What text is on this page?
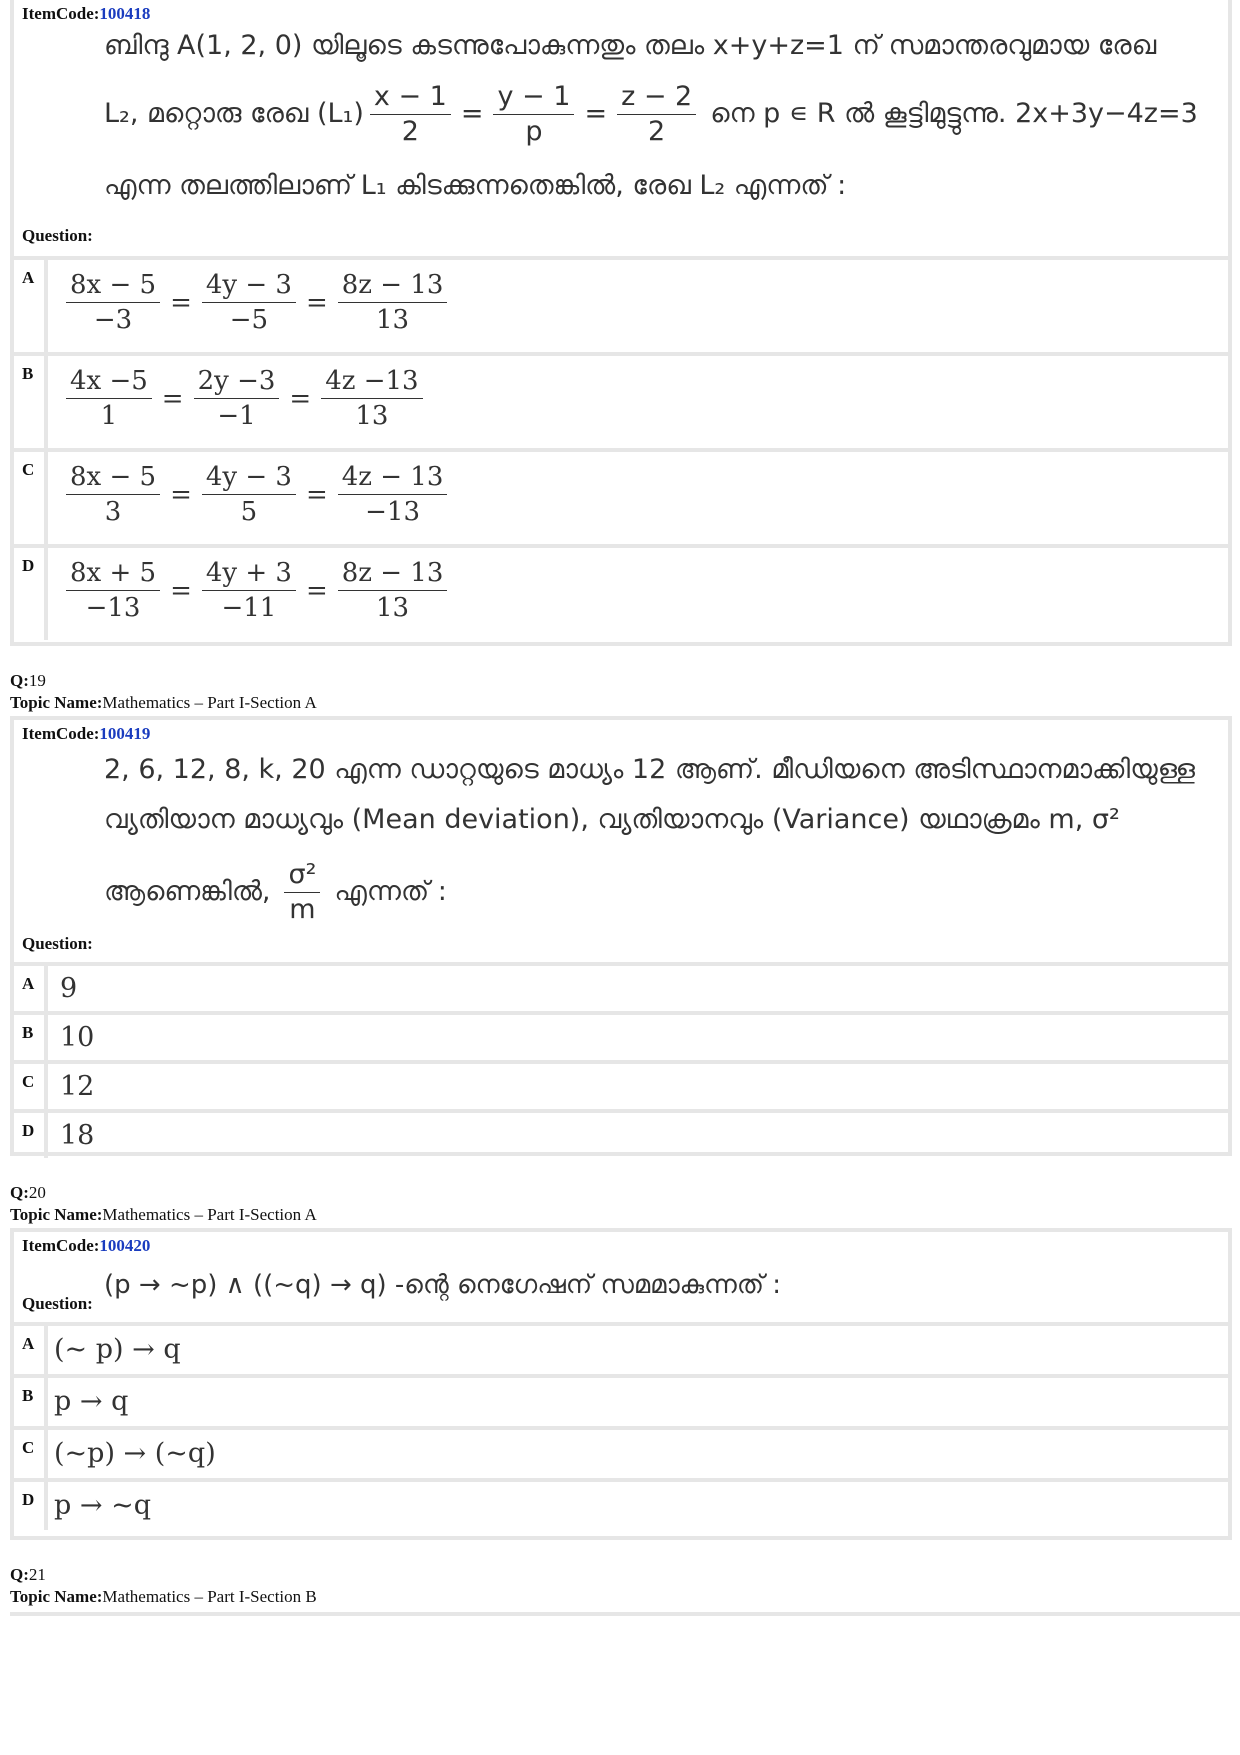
ItemCode:100418
ബിന്ദു A(1, 2, 0) യിലൂടെ കടന്നുപോകുന്നതും തലം x+y+z=1 ന് സമാന്തരവുമായ രേഖ
L₂, മറ്റൊരു രേഖ $(L_1) \frac{x - 1}{2} = \frac{y - 1}{p} = \frac{z - 2}{2}$ നെ p ∊ R ൽ കൂട്ടിമുട്ടുന്നു. 2x+3y−4z=3
എന്ന തലത്തിലാണ് L₁ കിടക്കുന്നതെങ്കിൽ, രേഖ L₂ എന്നത് :
Question:
A	$\frac{8x - 5}{-3} = \frac{4y - 3}{-5} = \frac{8z - 13}{13}$
B	$\frac{4x -5}{1} = \frac{2y -3}{-1} = \frac{4z -13}{13}$
C	$\frac{8x - 5}{3} = \frac{4y - 3}{5} = \frac{4z - 13}{-13}$
D	$\frac{8x + 5}{-13} = \frac{4y + 3}{-11} = \frac{8z - 13}{13}$
Q:19
Topic Name:Mathematics – Part I-Section A
ItemCode:100419
2, 6, 12, 8, k, 20 എന്ന ഡാറ്റയുടെ മാധ്യം 12 ആണ്. മീഡിയനെ അടിസ്ഥാനമാക്കിയുള്ള
വ്യതിയാന മാധ്യവും (Mean deviation), വ്യതിയാനവും (Variance) യഥാക്രമം m, σ²
ആണെങ്കിൽ, $\frac{\text{σ²}}{m}$ എന്നത് :
Question:
A 9
B 10
C 12
D 18
Q:20
Topic Name:Mathematics – Part I-Section A
ItemCode:100420
Question:
(p → ~p) ∧ ((~q) → q) -ന്റെ നെഗേഷന് സമമാകുന്നത് :
A (~ p) → q
B p → q
C (~p) → (~q)
D p → ~q
Q:21
Topic Name:Mathematics – Part I-Section B
